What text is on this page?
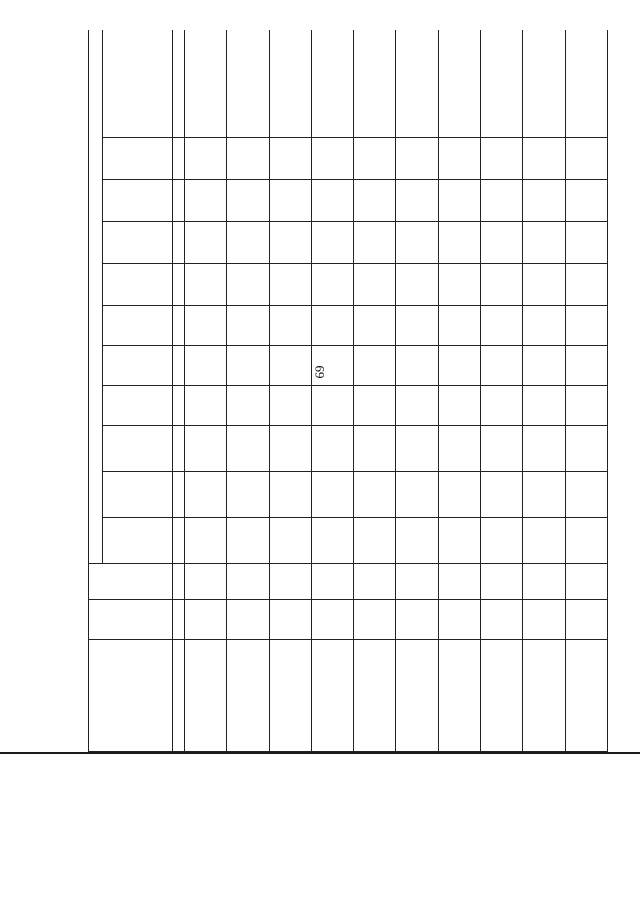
69
